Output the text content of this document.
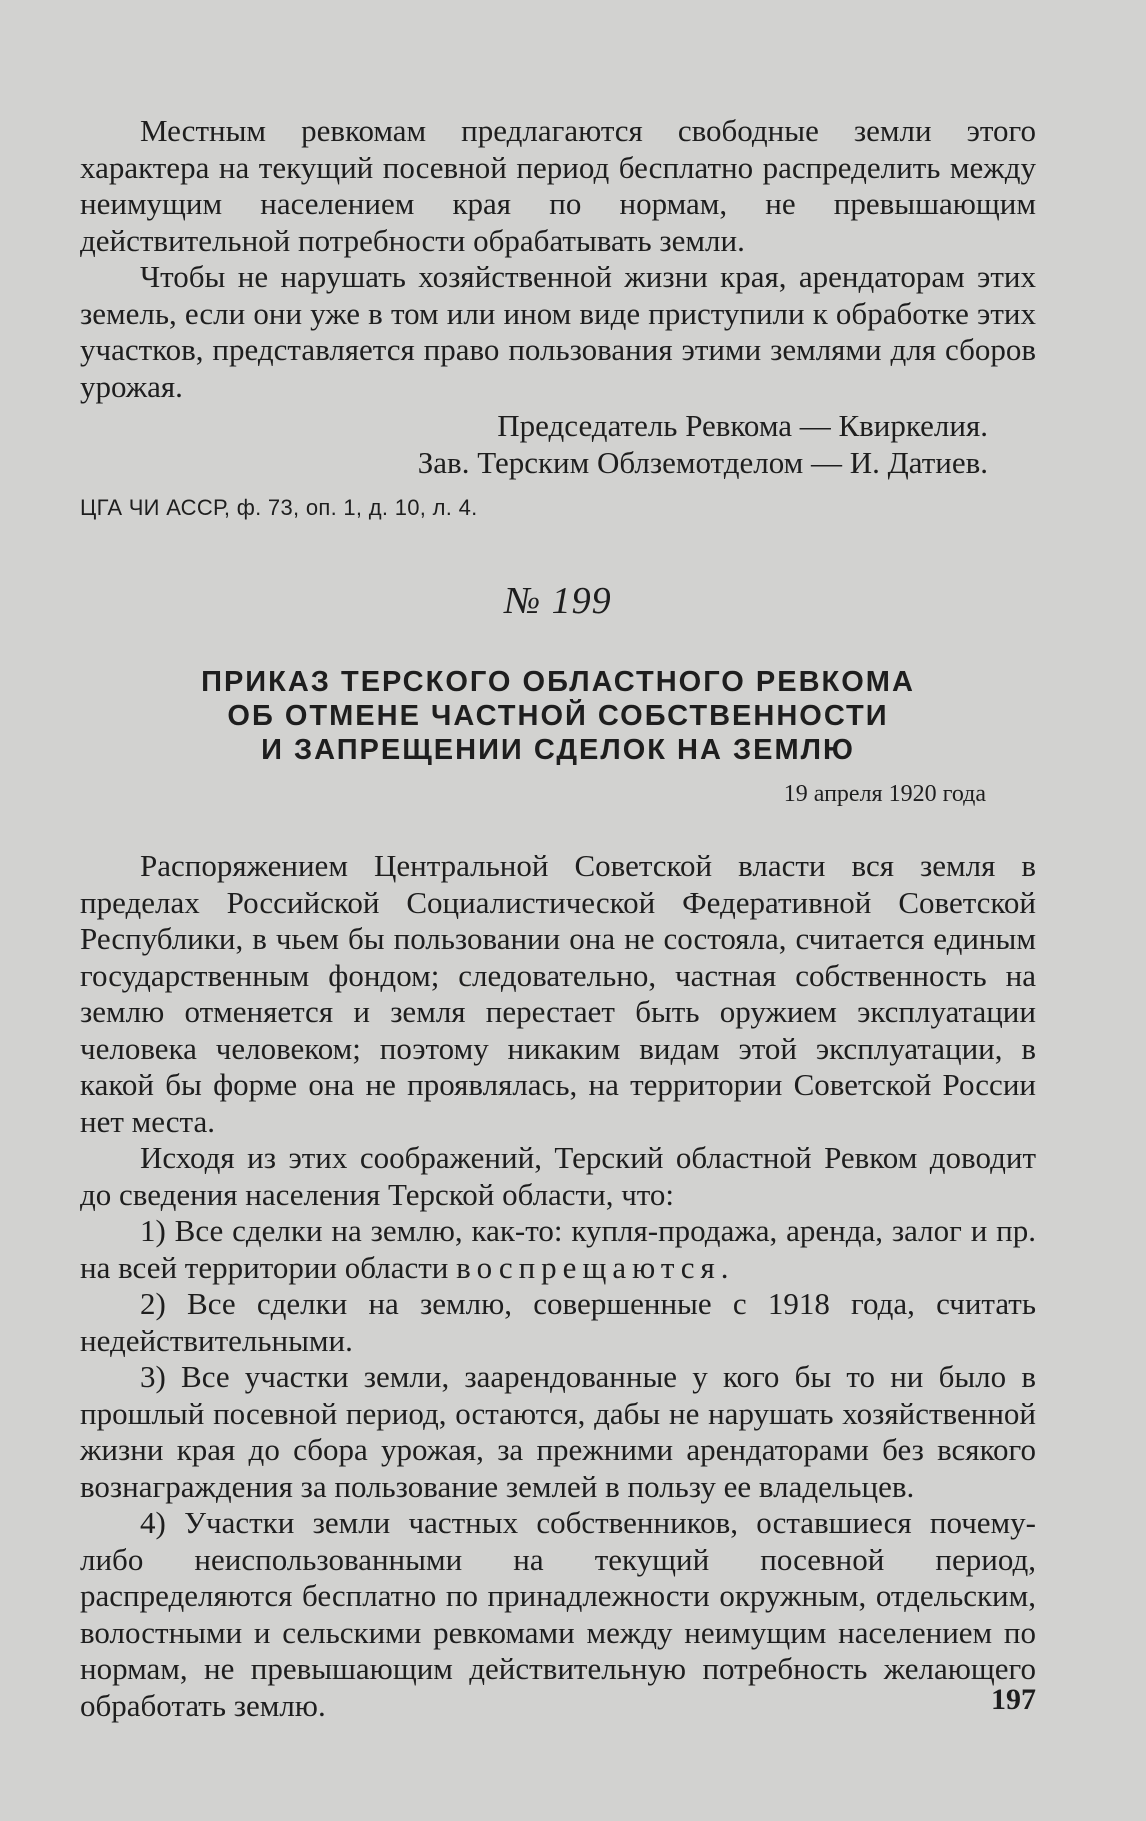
Местным ревкомам предлагаются свободные земли этого характера на текущий посевной период бесплатно распределить между неимущим населением края по нормам, не превышающим действительной потребности обрабатывать земли.

Чтобы не нарушать хозяйственной жизни края, арендаторам этих земель, если они уже в том или ином виде приступили к обработке этих участков, представляется право пользования этими землями для сборов урожая.

Председатель Ревкома — Квиркелия.

Зав. Терским Облземотделом — И. Датиев.

ЦГА ЧИ АССР, ф. 73, оп. 1, д. 10, л. 4.

№ 199

ПРИКАЗ ТЕРСКОГО ОБЛАСТНОГО РЕВКОМА
ОБ ОТМЕНЕ ЧАСТНОЙ СОБСТВЕННОСТИ
И ЗАПРЕЩЕНИИ СДЕЛОК НА ЗЕМЛЮ

19 апреля 1920 года

Распоряжением Центральной Советской власти вся земля в пределах Российской Социалистической Федеративной Советской Республики, в чьем бы пользовании она не состояла, считается единым государственным фондом; следовательно, частная собственность на землю отменяется и земля перестает быть оружием эксплуатации человека человеком; поэтому никаким видам этой эксплуатации, в какой бы форме она не проявлялась, на территории Советской России нет места.

Исходя из этих соображений, Терский областной Ревком доводит до сведения населения Терской области, что:

1) Все сделки на землю, как-то: купля-продажа, аренда, залог и пр. на всей территории области воспрещаются.

2) Все сделки на землю, совершенные с 1918 года, считать недействительными.

3) Все участки земли, заарендованные у кого бы то ни было в прошлый посевной период, остаются, дабы не нарушать хозяйственной жизни края до сбора урожая, за прежними арендаторами без всякого вознаграждения за пользование землей в пользу ее владельцев.

4) Участки земли частных собственников, оставшиеся почему-либо неиспользованными на текущий посевной период, распределяются бесплатно по принадлежности окружным, отдельским, волостными и сельскими ревкомами между неимущим населением по нормам, не превышающим действительную потребность желающего обработать землю.	197
